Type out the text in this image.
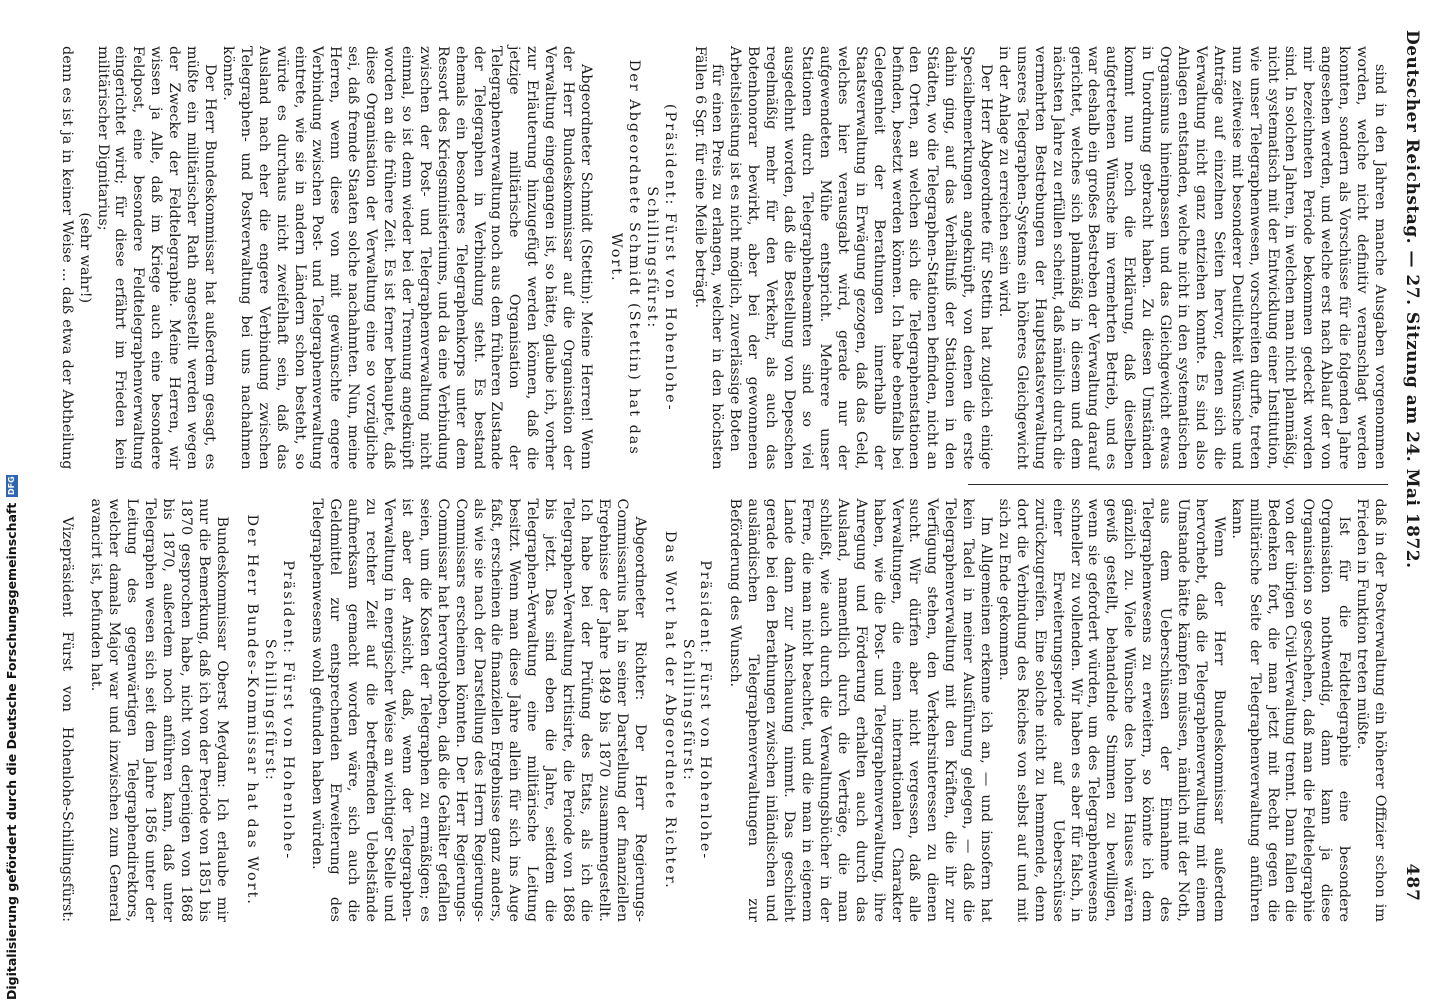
Deutscher Reichstag. — 27. Sitzung am 24. Mai 1872.
487

sind in den Jahren manche Ausgaben vorgenommen worden, welche nicht definitiv veranschlagt werden konnten, sondern als Vorschüsse für die folgenden Jahre angesehen werden, und welche erst nach Ablauf der von mir bezeichneten Periode bekommen gedeckt worden sind. In solchen Jahren, in welchen man nicht planmäßig, nicht systematisch mit der Entwicklung einer Institution, wie unser Telegraphenwesen, vorschreiten durfte, treten nun zeitweise mit besonderer Deutlichkeit Wünsche und Anträge auf einzelnen Seiten hervor, denen sich die Verwaltung nicht ganz entziehen konnte. Es sind also Anlagen entstanden, welche nicht in den systematischen Organismus hineinpassen und das Gleichgewicht etwas in Unordnung gebracht haben. Zu diesen Umständen kommt nun noch die Erklärung, daß dieselben aufgetretenen Wünsche im vermehrten Betrieb, und es war deshalb ein großes Bestreben der Verwaltung darauf gerichtet, welches sich planmäßig in diesem und dem nächsten Jahre zu erfüllen scheint, daß nämlich durch die vermehrten Bestrebungen der Hauptstaatsverwaltung unseres Telegraphen-Systems ein höheres Gleichgewicht in der Anlage zu erreichen sein wird.

Der Herr Abgeordnete für Stettin hat zugleich einige Specialbemerkungen angeknüpft, von denen die erste dahin ging, auf das Verhältniß der Stationen in den Städten, wo die Telegraphen-Stationen befinden, nicht an den Orten, an welchen sich die Telegraphenstationen befinden, besetzt werden können. Ich habe ebenfalls bei Gelegenheit der Berathungen innerhalb der Staatsverwaltung in Erwägung gezogen, daß das Geld, welches hier verausgabt wird, gerade nur der aufgewendeten Mühe entspricht. Mehrere unser Stationen durch Telegraphenbeamten sind so viel ausgedehnt worden, daß die Bestellung von Depeschen regelmäßig mehr für den Verkehr, als auch das Botenhonorar bewirkt, aber bei der gewonnenen Arbeitsleistung ist es nicht möglich, zuverlässige Boten

für einen Preis zu erlangen, welcher in den höchsten Fällen 6 Sgr. für eine Meile beträgt.

(Präsident: Fürst von Hohenlohe-Schillingsfürst:

Der Abgeordnete Schmidt (Stettin) hat das Wort.

Abgeordneter Schmidt (Stettin): Meine Herren! Wenn der Herr Bundeskommissar auf die Organisation der Verwaltung eingegangen ist, so hätte, glaube ich, vorher zur Erläuterung hinzugefügt werden können, daß die jetzige militärische Organisation der Telegraphenverwaltung noch aus dem früheren Zustande der Telegraphen in Verbindung steht. Es bestand ehemals ein besonderes Telegraphenkorps unter dem Ressort des Kriegsministeriums, und da eine Verbindung zwischen der Post- und Telegraphenverwaltung nicht einmal, so ist denn wieder bei der Trennung angeknüpft worden an die frühere Zeit. Es ist ferner behauptet, daß diese Organisation der Verwaltung eine so vorzügliche sei, daß fremde Staaten solche nachahmten. Nun, meine Herren, wenn diese von mit gewünschte engere Verbindung zwischen Post- und Telegraphenverwaltung eintrete, wie sie in andern Ländern schon besteht, so würde es durchaus nicht zweifelhaft sein, daß das Ausland nach eher die engere Verbindung zwischen Telegraphen- und Postverwaltung bei uns nachahmen könnte.

Der Herr Bundeskommissar hat außerdem gesagt, es müßte ein militärischer Rath angestellt werden wegen der Zwecke der Feldtelegraphie. Meine Herren, wir wissen ja Alle, daß im Kriege auch eine besondere Feldpost, eine besondere Feldtelegraphenverwaltung eingerichtet wird; für diese erfährt im Frieden kein militärischer Dignitarius;

(sehr wahr!)

denn es ist ja in keiner Weise ... daß etwa der Abtheilung

daß in der Postverwaltung ein höherer Offizier schon im Frieden in Funktion treten müßte.

Ist für die Feldtelegraphie eine besondere Organisation nothwendig, dann kann ja diese Organisation so geschehen, daß man die Feldtelegraphie von der übrigen Civil-Verwaltung trennt. Dann fallen die Bedenken fort, die man jetzt mit Recht gegen die militärische Seite der Telegraphenverwaltung anführen kann.

Wenn der Herr Bundeskommissar außerdem hervorhebt, daß die Telegraphenverwaltung mit einem Umstande hätte kämpfen müssen, nämlich mit der Noth, aus dem Ueberschüssen der Einnahme des Telegraphenwesens zu erweitern, so könnte ich dem gänzlich zu. Viele Wünsche des hohen Hauses wären gewiß gestellt, behandelnde Stimmen zu bewilligen, wenn sie gefordert würden, um des Telegraphenwesens schneller zu vollenden. Wir haben es aber für falsch, in einer Erweiterungsperiode auf Ueberschüsse zurückzugreifen. Eine solche nicht zu hemmende, denn dort die Verbindung des Reiches von selbst auf und mit sich zu Ende gekommen.

Im Allgemeinen erkenne ich an, — und insofern hat kein Tadel in meiner Ausführung gelegen, — daß die Telegraphenverwaltung mit den Kräften, die ihr zur Verfügung stehen, den Verkehrsinteressen zu dienen sucht. Wir dürfen aber nicht vergessen, daß alle Verwaltungen, die einen internationalen Charakter haben, wie die Post- und Telegraphenverwaltung, ihre Anregung und Förderung erhalten auch durch das Ausland, namentlich durch die Verträge, die man schließt, wie auch durch die Verwaltungsbücher in der Ferne, die man nicht beachtet, und die man in eigenem Lande dann zur Anschauung nimmt. Das geschieht gerade bei den Berathungen zwischen inländischen und ausländischen Telegraphenverwaltungen zur Beförderung des Wunsch.

Präsident: Fürst von Hohenlohe-Schillingsfürst:

Das Wort hat der Abgeordnete Richter.

Abgeordneter Richter: Der Herr Regierungs-Commissarius hat in seiner Darstellung der finanziellen Ergebnisse der Jahre 1849 bis 1870 zusammengestellt. Ich habe bei der Prüfung des Etats, als ich die Telegraphen-Verwaltung kritisirte, die Periode von 1868 bis jetzt. Das sind eben die Jahre, seitdem die Telegraphen-Verwaltung eine militärische Leitung besitzt. Wenn man diese Jahre allein für sich ins Auge faßt, erscheinen die finanziellen Ergebnisse ganz anders, als wie sie nach der Darstellung des Herrn Regierungs-Commissars erscheinen könnten. Der Herr Regierungs-Commissar hat hervorgehoben, daß die Gehälter gefallen seien, um die Kosten der Telegraphen zu ermäßigen; es ist aber der Ansicht, daß, wenn der Telegraphen-Verwaltung in energischer Weise an wichtiger Stelle und zu rechter Zeit auf die betreffenden Uebelstände aufmerksam gemacht worden wäre, sich auch die Geldmittel zur entsprechenden Erweiterung des Telegraphenwesens wohl gefunden haben würden.

Präsident: Fürst von Hohenlohe-Schillingsfürst:

Der Herr Bundes-Kommissar hat das Wort.

Bundeskommissar Oberst Meydam: Ich erlaube mir nur die Bemerkung, daß ich von der Periode von 1851 bis 1870 gesprochen habe, nicht von derjenigen von 1868 bis 1870, außerdem noch anführen kann, daß unter Telegraphen wesen sich seit dem Jahre 1856 unter der Leitung des gegenwärtigen Telegraphendirektors, welcher damals Major war und inzwischen zum General avancirt ist, befunden hat.

Vizepräsident Fürst von Hohenlohe-Schillingsfürst:

Digitalisierung gefördert durch die Deutsche Forschungsgemeinschaft
DFG
